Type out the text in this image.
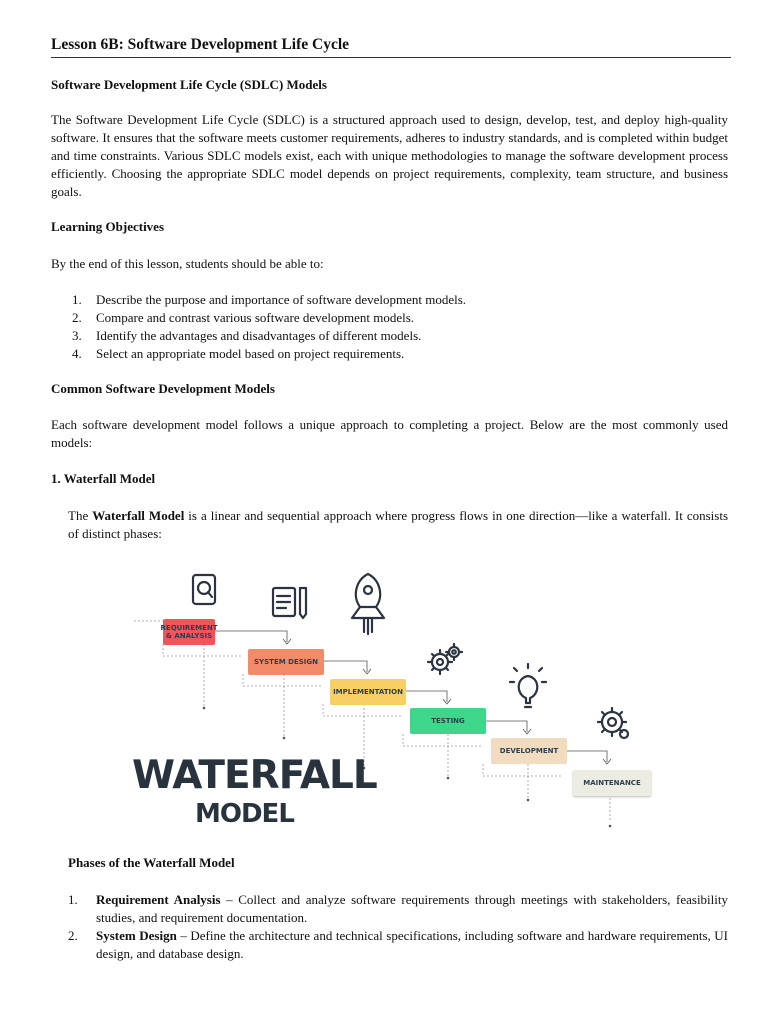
Lesson 6B: Software Development Life Cycle
Software Development Life Cycle (SDLC) Models

The Software Development Life Cycle (SDLC) is a structured approach used to design, develop, test, and deploy high-quality software. It ensures that the software meets customer requirements, adheres to industry standards, and is completed within budget and time constraints. Various SDLC models exist, each with unique methodologies to manage the software development process efficiently. Choosing the appropriate SDLC model depends on project requirements, complexity, team structure, and business goals.

Learning Objectives

By the end of this lesson, students should be able to:

1. Describe the purpose and importance of software development models.
2. Compare and contrast various software development models.
3. Identify the advantages and disadvantages of different models.
4. Select an appropriate model based on project requirements.
Common Software Development Models

Each software development model follows a unique approach to completing a project. Below are the most commonly used models:

1. Waterfall Model

The Waterfall Model is a linear and sequential approach where progress flows in one direction—like a waterfall. It consists of distinct phases:

REQUIREMENT
& ANALYSIS
SYSTEM DESIGN
IMPLEMENTATION
TESTING
DEVELOPMENT
MAINTENANCE
WATERFALL
MODEL
Phases of the Waterfall Model
1. Requirement Analysis – Collect and analyze software requirements through meetings with stakeholders, feasibility studies, and requirement documentation.
2. System Design – Define the architecture and technical specifications, including software and hardware requirements, UI design, and database design.
